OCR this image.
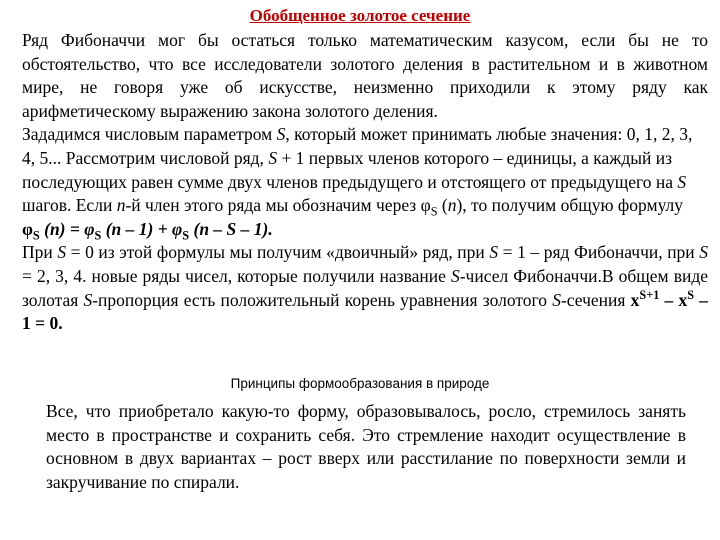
Обобщенное золотое сечение

Ряд Фибоначчи мог бы остаться только математическим казусом, если бы не то обстоятельство, что все исследователи золотого деления в растительном и в животном мире, не говоря уже об искусстве, неизменно приходили к этому ряду как арифметическому выражению закона золотого деления.

Зададимся числовым параметром S, который может принимать любые значения: 0, 1, 2, 3, 4, 5... Рассмотрим числовой ряд, S + 1 первых членов которого – единицы, а каждый из последующих равен сумме двух членов предыдущего и отстоящего от предыдущего на S шагов. Если n-й член этого ряда мы обозначим через $\varphi_S$ (n), то получим общую формулу

$\varphi_S$ $(n) = \varphi_S$ $(n - 1) + \varphi_S$ (n – S – 1).

При S = 0 из этой формулы мы получим «двоичный» ряд, при S = 1 – ряд Фибоначчи, при S = 2, 3, 4. новые ряды чисел, которые получили название S-чисел Фибоначчи.В общем виде золотая S-пропорция есть положительный корень уравнения золотого S-сечения $x^{S+1} - x^S - 1 = 0$.

Принципы формообразования в природе

Все, что приобретало какую-то форму, образовывалось, росло, стремилось занять место в пространстве и сохранить себя. Это стремление находит осуществление в основном в двух вариантах – рост вверх или расстилание по поверхности земли и закручивание по спирали.
